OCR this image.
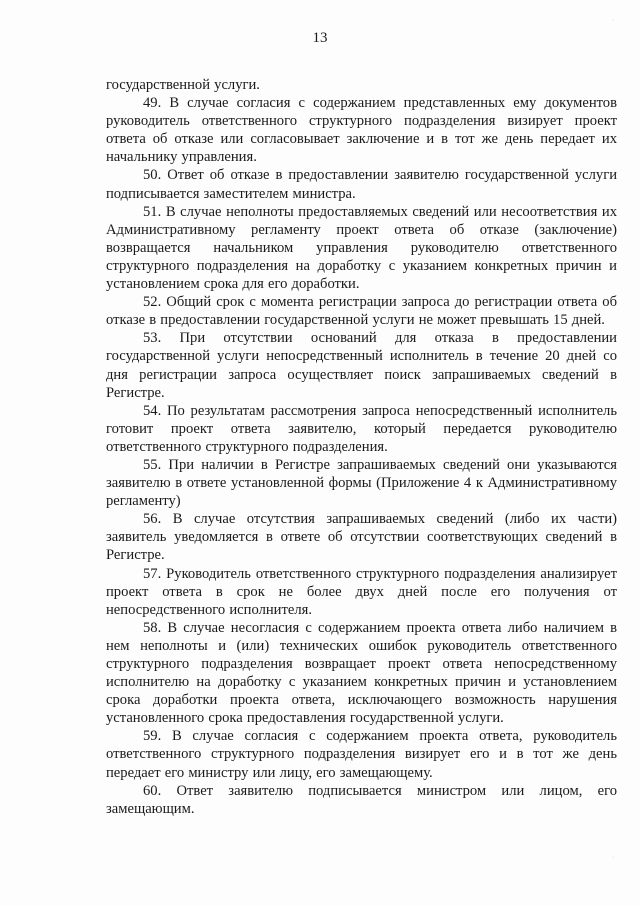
13

государственной услуги.

49. В случае согласия с содержанием представленных ему документов руководитель ответственного структурного подразделения визирует проект ответа об отказе или согласовывает заключение и в тот же день передает их начальнику управления.

50. Ответ об отказе в предоставлении заявителю государственной услуги подписывается заместителем министра.

51. В случае неполноты предоставляемых сведений или несоответствия их Административному регламенту проект ответа об отказе (заключение) возвращается начальником управления руководителю ответственного структурного подразделения на доработку с указанием конкретных причин и установлением срока для его доработки.

52. Общий срок с момента регистрации запроса до регистрации ответа об отказе в предоставлении государственной услуги не может превышать 15 дней.

53. При отсутствии оснований для отказа в предоставлении государственной услуги непосредственный исполнитель в течение 20 дней со дня регистрации запроса осуществляет поиск запрашиваемых сведений в Регистре.

54. По результатам рассмотрения запроса непосредственный исполнитель готовит проект ответа заявителю, который передается руководителю ответственного структурного подразделения.

55. При наличии в Регистре запрашиваемых сведений они указываются заявителю в ответе установленной формы (Приложение 4 к Административному регламенту)

56. В случае отсутствия запрашиваемых сведений (либо их части) заявитель уведомляется в ответе об отсутствии соответствующих сведений в Регистре.

57. Руководитель ответственного структурного подразделения анализирует проект ответа в срок не более двух дней после его получения от непосредственного исполнителя.

58. В случае несогласия с содержанием проекта ответа либо наличием в нем неполноты и (или) технических ошибок руководитель ответственного структурного подразделения возвращает проект ответа непосредственному исполнителю на доработку с указанием конкретных причин и установлением срока доработки проекта ответа, исключающего возможность нарушения установленного срока предоставления государственной услуги.

59. В случае согласия с содержанием проекта ответа, руководитель ответственного структурного подразделения визирует его и в тот же день передает его министру или лицу, его замещающему.

60. Ответ заявителю подписывается министром или лицом, его замещающим.

·
·
